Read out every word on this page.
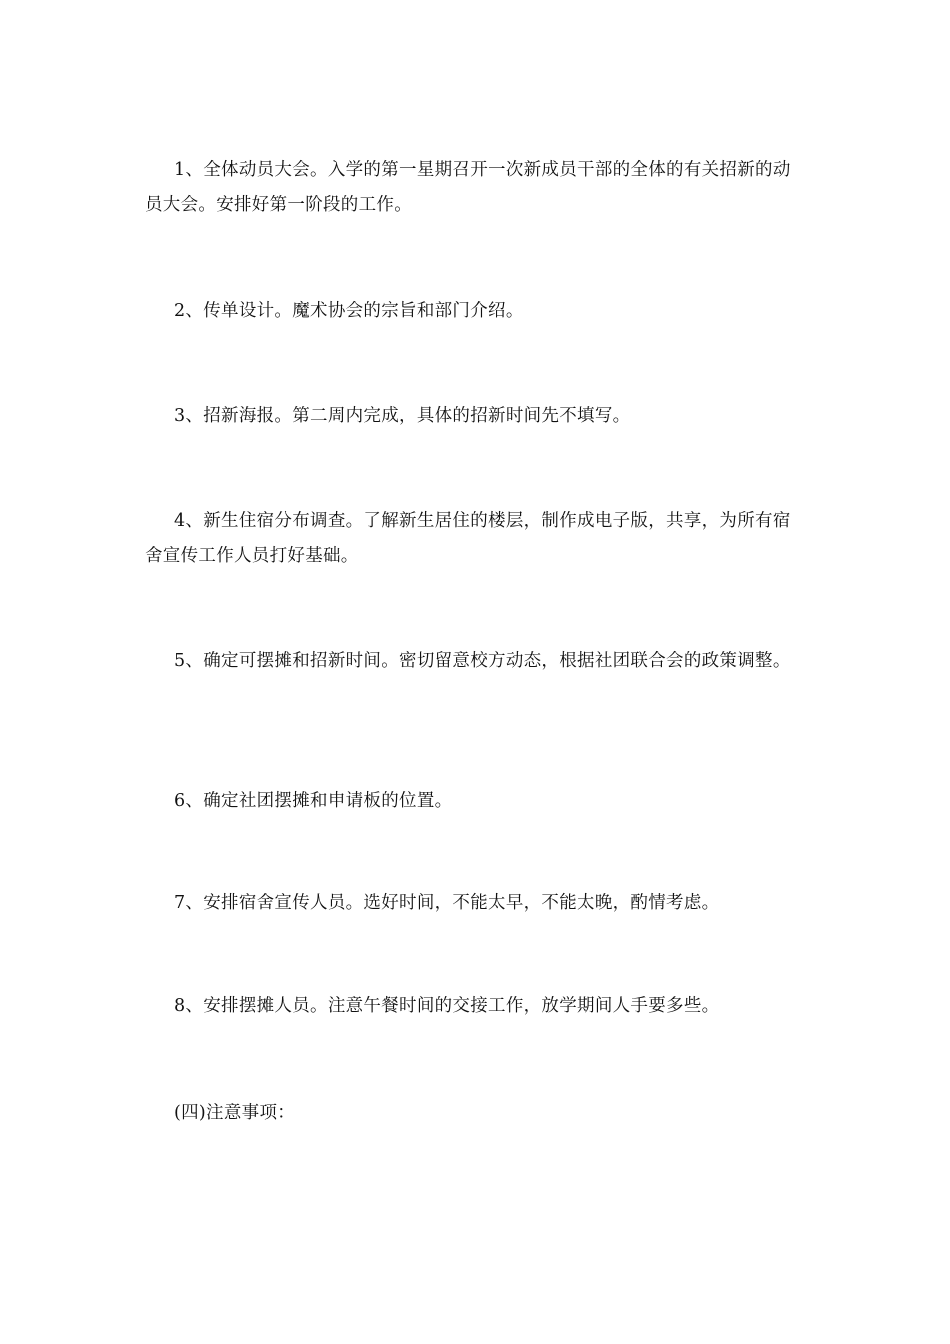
1、全体动员大会。入学的第一星期召开一次新成员干部的全体的有关招新的动员大会。安排好第一阶段的工作。

2、传单设计。魔术协会的宗旨和部门介绍。

3、招新海报。第二周内完成，具体的招新时间先不填写。

4、新生住宿分布调查。了解新生居住的楼层，制作成电子版，共享，为所有宿舍宣传工作人员打好基础。

5、确定可摆摊和招新时间。密切留意校方动态，根据社团联合会的政策调整。

6、确定社团摆摊和申请板的位置。

7、安排宿舍宣传人员。选好时间，不能太早，不能太晚，酌情考虑。

8、安排摆摊人员。注意午餐时间的交接工作，放学期间人手要多些。

(四)注意事项：
